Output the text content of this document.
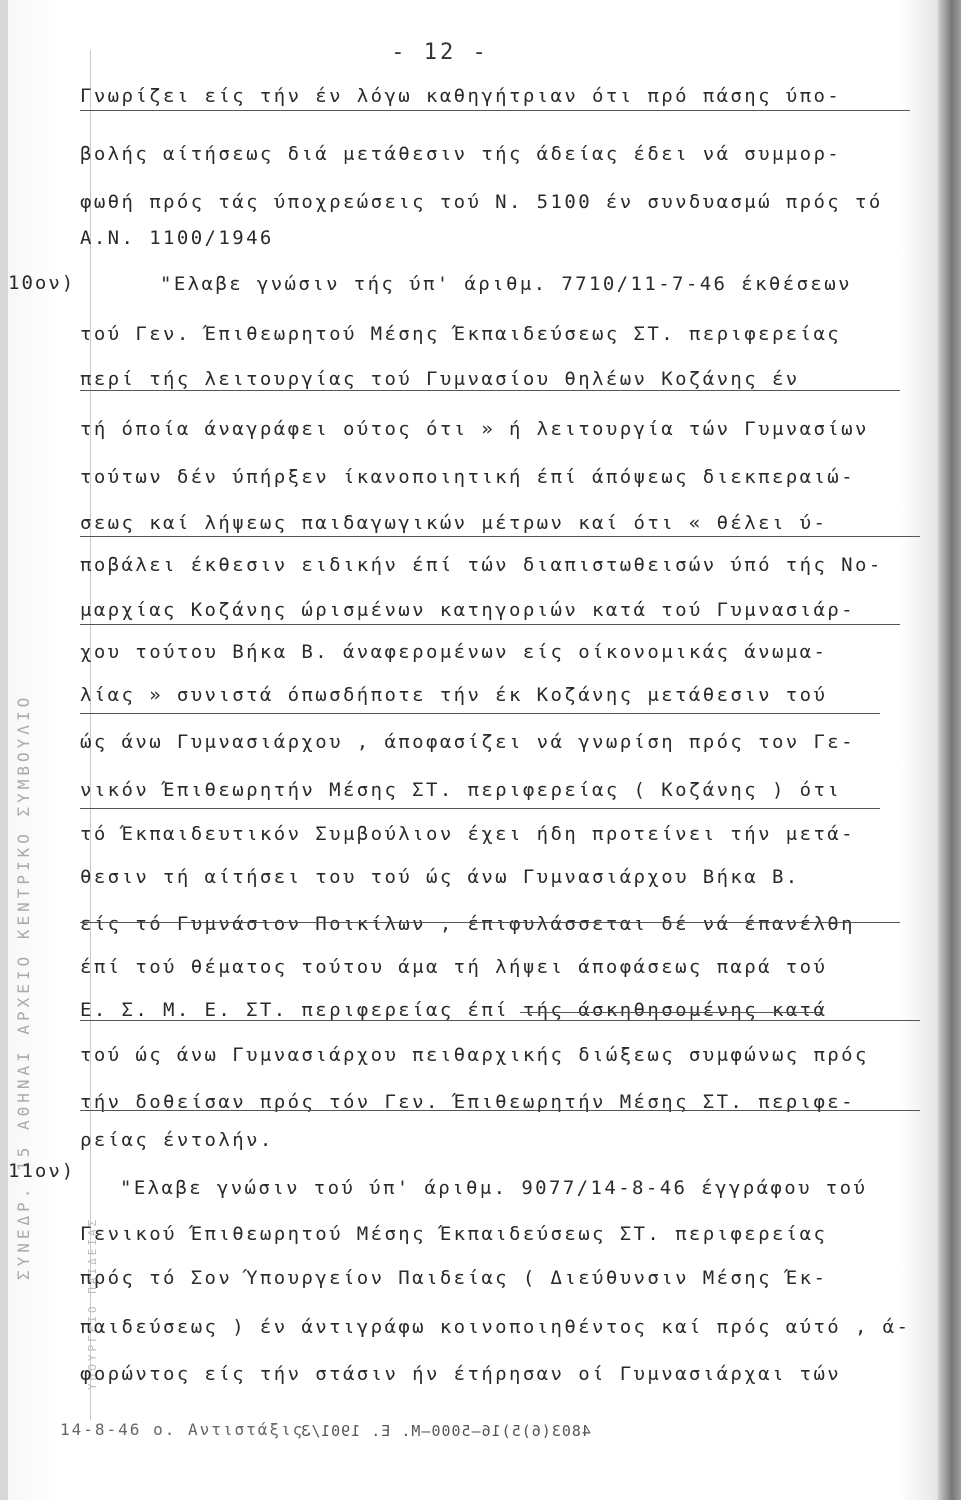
- 12 -
ΣΥΝΕΔΡ. 15 ΑΘΗΝΑΙ ΑΡΧΕΙΟ ΚΕΝΤΡΙΚΟ ΣΥΜΒΟΥΛΙΟ
ΥΠΟΥΡΓΕΙΟ ΠΑΙΔΕΙΑΣ
10ον)
11ον)
Γνωρίζει είς τήν έν λόγω καθηγήτριαν ότι πρό πάσης ύπο-
βολής αίτήσεως διά μετάθεσιν τής άδείας έδει νά συμμορ-
φωθή πρός τάς ύποχρεώσεις τού Ν. 5100 έν συνδυασμώ πρός τό
Α.Ν. 1100/1946
"Ελαβε γνώσιν τής ύπ' άριθμ. 7710/11-7-46 έκθέσεων
τού Γεν. Έπιθεωρητού Μέσης Έκπαιδεύσεως ΣΤ. περιφερείας
περί τής λειτουργίας τού Γυμνασίου θηλέων Κοζάνης έν
τή όποία άναγράφει ούτος ότι » ή λειτουργία τών Γυμνασίων
τούτων δέν ύπήρξεν ίκανοποιητική έπί άπόψεως διεκπεραιώ-
σεως καί λήψεως παιδαγωγικών μέτρων καί ότι « θέλει ύ-
ποβάλει έκθεσιν ειδικήν έπί τών διαπιστωθεισών ύπό τής Νο-
μαρχίας Κοζάνης ώρισμένων κατηγοριών κατά τού Γυμνασιάρ-
χου τούτου Βήκα Β. άναφερομένων είς οίκονομικάς άνωμα-
λίας » συνιστά όπωσδήποτε τήν έκ Κοζάνης μετάθεσιν τού
ώς άνω Γυμνασιάρχου , άποφασίζει νά γνωρίση πρός τον Γε-
νικόν Έπιθεωρητήν Μέσης ΣΤ. περιφερείας ( Κοζάνης ) ότι
τό Έκπαιδευτικόν Συμβούλιον έχει ήδη προτείνει τήν μετά-
θεσιν τή αίτήσει του τού ώς άνω Γυμνασιάρχου Βήκα Β.
είς τό Γυμνάσιον Ποικίλων , έπιφυλάσσεται δέ νά έπανέλθη
έπί τού θέματος τούτου άμα τή λήψει άποφάσεως παρά τού
Ε. Σ. Μ. Ε. ΣΤ. περιφερείας έπί τής άσκηθησομένης κατά
τού ώς άνω Γυμνασιάρχου πειθαρχικής διώξεως συμφώνως πρός
τήν δοθείσαν πρός τόν Γεν. Έπιθεωρητήν Μέσης ΣΤ. περιφε-
ρείας έντολήν.
"Ελαβε γνώσιν τού ύπ' άριθμ. 9077/14-8-46 έγγράφου τού
Γενικού Έπιθεωρητού Μέσης Έκπαιδεύσεως ΣΤ. περιφερείας
πρός τό Σον Ύπουργείον Παιδείας ( Διεύθυνσιν Μέσης Έκ-
παιδεύσεως ) έν άντιγράφω κοινοποιηθέντος καί πρός αύτό , ά-
φορώντος είς τήν στάσιν ήν έτήρησαν οί Γυμνασιάρχαι τών
14-8-46 ο. Αντιστάξις.
4803(6)5)16—5000—Μ. Ε. 1901/3
